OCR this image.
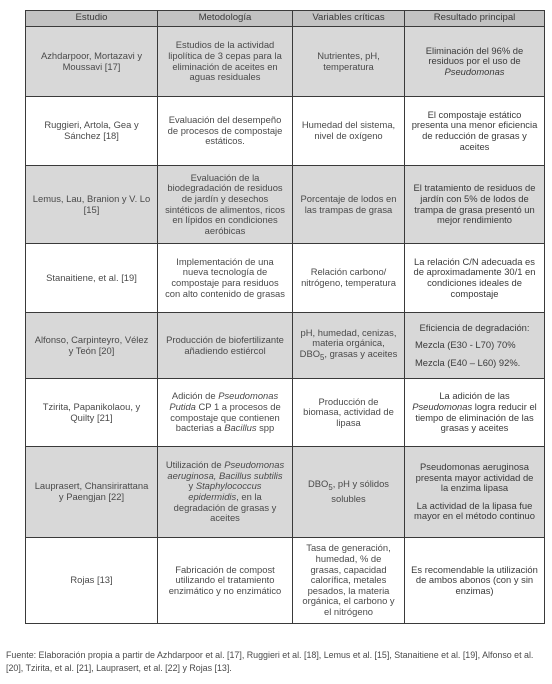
Estudio	Metodología	Variables críticas	Resultado principal
Azhdarpoor, Mortazavi y Moussavi [17]	Estudios de la actividad lipolítica de 3 cepas para la eliminación de aceites en aguas residuales	Nutrientes, pH, temperatura	Eliminación del 96% de residuos por el uso de Pseudomonas
Ruggieri, Artola, Gea y Sánchez [18]	Evaluación del desempeño de procesos de compostaje estáticos.	Humedad del sistema, nivel de oxígeno	El compostaje estático presenta una menor eficiencia de reducción de grasas y aceites
Lemus, Lau, Branion y V. Lo [15]	Evaluación de la biodegradación de residuos de jardín y desechos sintéticos de alimentos, ricos en lípidos en condiciones aeróbicas	Porcentaje de lodos en las trampas de grasa	El tratamiento de residuos de jardín con 5% de lodos de trampa de grasa presentó un mejor rendimiento
Stanaitiene, et al. [19]	Implementación de una nueva tecnología de compostaje para residuos con alto contenido de grasas	Relación carbono/ nitrógeno, temperatura	La relación C/N adecuada es de aproximadamente 30/1 en condiciones ideales de compostaje
Alfonso, Carpinteyro, Vélez y Teón [20]	Producción de biofertilizante añadiendo estiércol	pH, humedad, cenizas, materia orgánica, $DBO_5$, grasas y aceites	Eficiencia de degradación:
Mezcla (E30 - L70) 70%
Mezcla (E40 – L60) 92%.

Tzirita, Papanikolaou, y Quilty [21]	Adición de Pseudomonas Putida CP 1 a procesos de compostaje que contienen bacterias a Bacillus spp	Producción de biomasa, actividad de lipasa	La adición de las Pseudomonas logra reducir el tiempo de eliminación de las grasas y aceites
Lauprasert, Chansirirattana y Paengjan [22]	Utilización de Pseudomonas aeruginosa, Bacillus subtilis y Staphylococcus epidermidis, en la degradación de grasas y aceites	$DBO_5$, pH y sólidos solubles	Pseudomonas aeruginosa presenta mayor actividad de la enzima lipasa
La actividad de la lipasa fue mayor en el método continuo
Rojas [13]	Fabricación de compost utilizando el tratamiento enzimático y no enzimático	Tasa de generación, humedad, % de grasas, capacidad calorífica, metales pesados, la materia orgánica, el carbono y el nitrógeno	Es recomendable la utilización de ambos abonos (con y sin enzimas)
Fuente: Elaboración propia a partir de Azhdarpoor et al. [17], Ruggieri et al. [18], Lemus et al. [15], Stanaitiene et al. [19], Alfonso et al. [20], Tzirita, et al. [21], Lauprasert, et al. [22] y Rojas [13].
